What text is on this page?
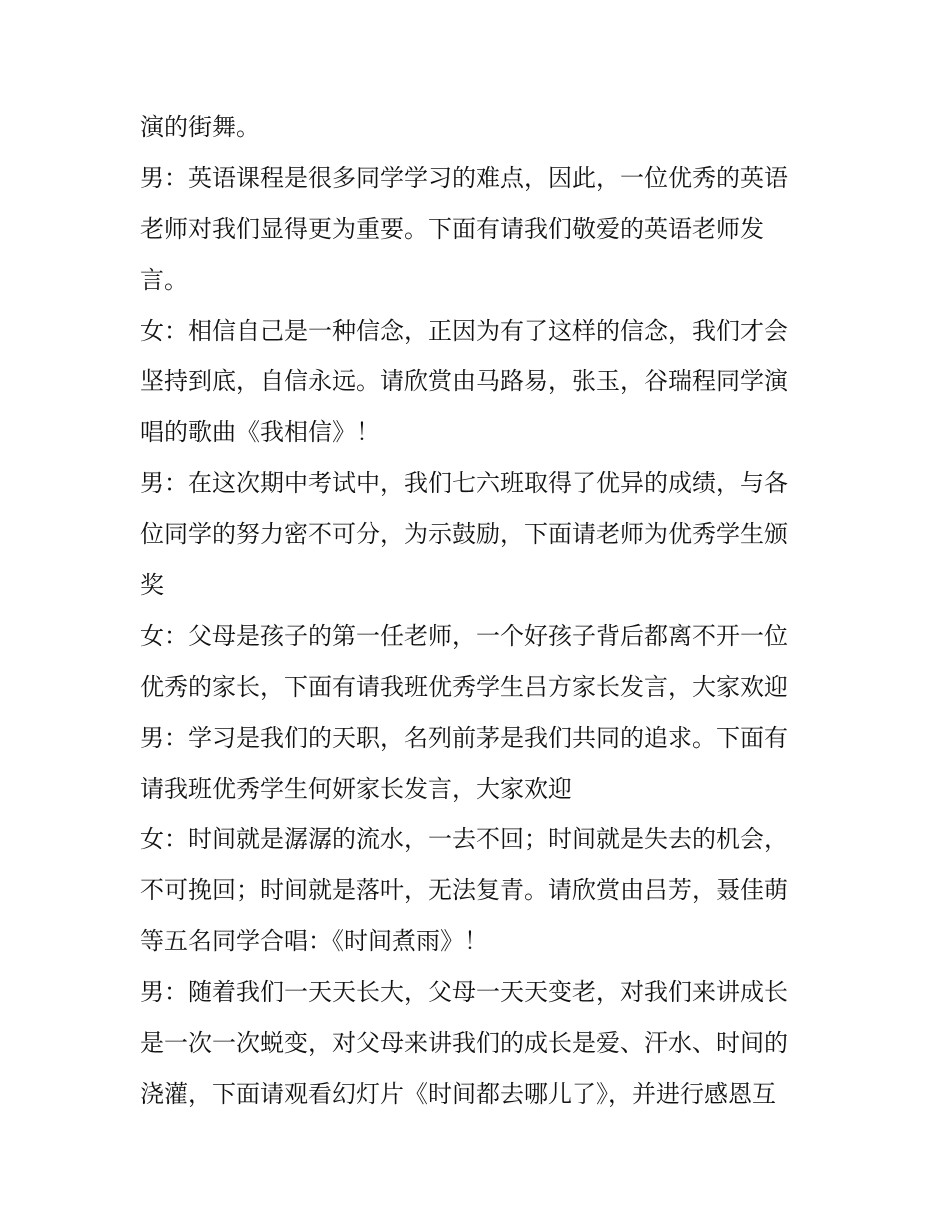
演的街舞。
男：英语课程是很多同学学习的难点，因此，一位优秀的英语
老师对我们显得更为重要。下面有请我们敬爱的英语老师发
言。
女：相信自己是一种信念，正因为有了这样的信念，我们才会
坚持到底，自信永远。请欣赏由马路易，张玉，谷瑞程同学演
唱的歌曲《我相信》！
男：在这次期中考试中，我们七六班取得了优异的成绩，与各
位同学的努力密不可分，为示鼓励，下面请老师为优秀学生颁
奖
女：父母是孩子的第一任老师，一个好孩子背后都离不开一位
优秀的家长，下面有请我班优秀学生吕方家长发言，大家欢迎
男：学习是我们的天职，名列前茅是我们共同的追求。下面有
请我班优秀学生何妍家长发言，大家欢迎
女：时间就是潺潺的流水，一去不回；时间就是失去的机会，
不可挽回；时间就是落叶，无法复青。请欣赏由吕芳，聂佳萌
等五名同学合唱：《时间煮雨》！
男：随着我们一天天长大，父母一天天变老，对我们来讲成长
是一次一次蜕变，对父母来讲我们的成长是爱、汗水、时间的
浇灌，下面请观看幻灯片《时间都去哪儿了》，并进行感恩互
